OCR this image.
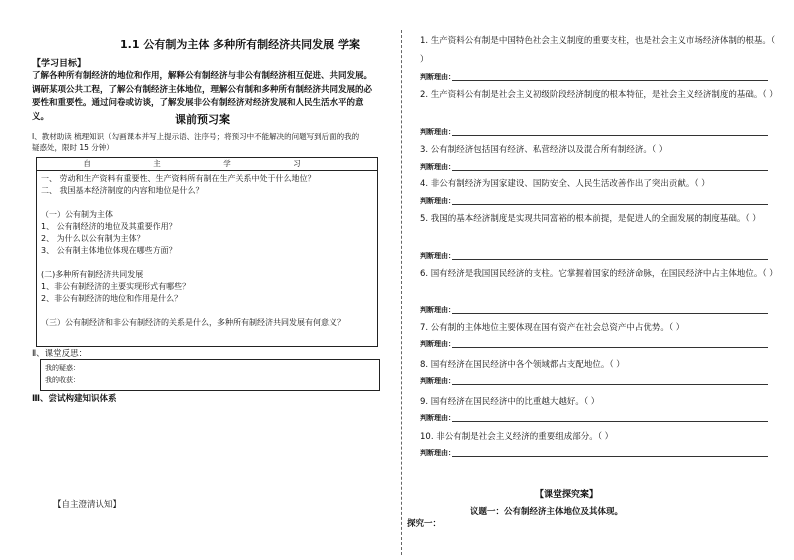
1.1 公有制为主体 多种所有制经济共同发展 学案
【学习目标】
了解各种所有制经济的地位和作用，解释公有制经济与非公有制经济相互促进、共同发展。调研某项公共工程，了解公有制经济主体地位，理解公有制和多种所有制经济共同发展的必要性和重要性。通过问卷或访谈，了解发展非公有制经济对经济发展和人民生活水平的意义。	课前预习案
Ⅰ、教材助读 梳理知识（勾画课本并写上提示语、注序号；将预习中不能解决的问题写到后面的我的
疑惑处，限时 15 分钟）
自 主 学 习
一、 劳动和生产资料有重要性、生产资料所有制在生产关系中处于什么地位？
二、 我国基本经济制度的内容和地位是什么？
（一）公有制为主体
1、 公有制经济的地位及其重要作用？
2、 为什么以公有制为主体？
3、 公有制主体地位体现在哪些方面？
(二)多种所有制经济共同发展
1、非公有制经济的主要实现形式有哪些？
2、非公有制经济的地位和作用是什么？
（三）公有制经济和非公有制经济的关系是什么，多种所有制经济共同发展有何意义？
Ⅱ、课堂反思：
我的疑惑：
我的收获：
Ⅲ、尝试构建知识体系
【自主澄清认知】
1. 生产资料公有制是中国特色社会主义制度的重要支柱，也是社会主义市场经济体制的根基。（ ）
判断理由：
2. 生产资料公有制是社会主义初级阶段经济制度的根本特征，是社会主义经济制度的基础。（ ）
判断理由：
3. 公有制经济包括国有经济、私营经济以及混合所有制经济。（ ）
判断理由：
4. 非公有制经济为国家建设、国防安全、人民生活改善作出了突出贡献。（ ）
判断理由：
5. 我国的基本经济制度是实现共同富裕的根本前提，是促进人的全面发展的制度基础。（ ）
判断理由：
6. 国有经济是我国国民经济的支柱。它掌握着国家的经济命脉，在国民经济中占主体地位。（ ）
判断理由：
7. 公有制的主体地位主要体现在国有资产在社会总资产中占优势。（ ）
判断理由：
8. 国有经济在国民经济中各个领域都占支配地位。（ ）
判断理由：
9. 国有经济在国民经济中的比重越大越好。（ ）
判断理由：
10. 非公有制是社会主义经济的重要组成部分。（ ）
判断理由：
【课堂探究案】
议题一：公有制经济主体地位及其体现。
探究一：
